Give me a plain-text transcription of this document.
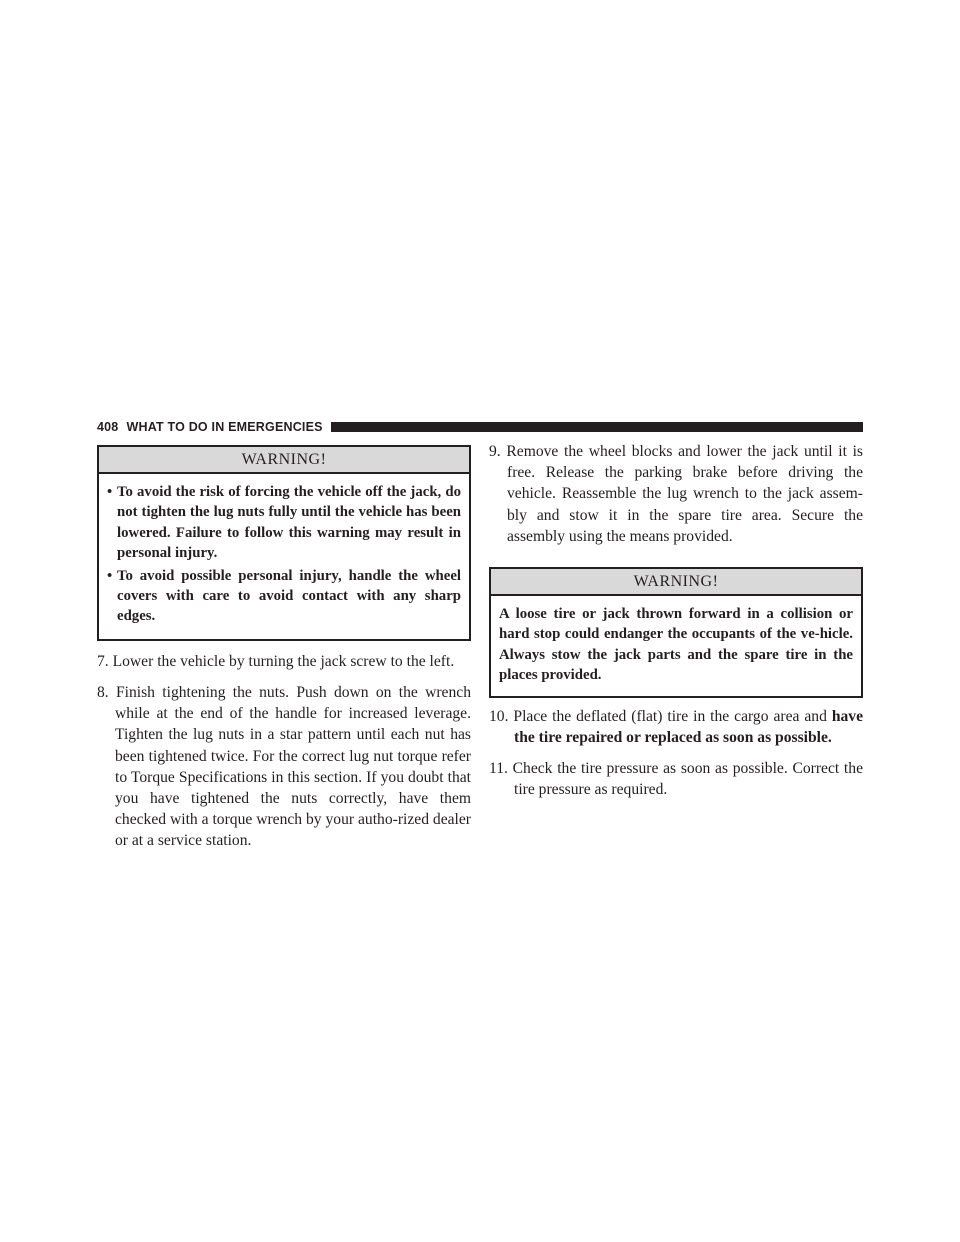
408 WHAT TO DO IN EMERGENCIES
WARNING!
• To avoid the risk of forcing the vehicle off the jack, do not tighten the lug nuts fully until the vehicle has been lowered. Failure to follow this warning may result in personal injury.
• To avoid possible personal injury, handle the wheel covers with care to avoid contact with any sharp edges.
7. Lower the vehicle by turning the jack screw to the left.
8. Finish tightening the nuts. Push down on the wrench while at the end of the handle for increased leverage. Tighten the lug nuts in a star pattern until each nut has been tightened twice. For the correct lug nut torque refer to Torque Specifications in this section. If you doubt that you have tightened the nuts correctly, have them checked with a torque wrench by your autho-rized dealer or at a service station.
9. Remove the wheel blocks and lower the jack until it is free. Release the parking brake before driving the vehicle. Reassemble the lug wrench to the jack assem-bly and stow it in the spare tire area. Secure the assembly using the means provided.
WARNING!
A loose tire or jack thrown forward in a collision or hard stop could endanger the occupants of the ve-hicle. Always stow the jack parts and the spare tire in the places provided.
10. Place the deflated (flat) tire in the cargo area and have the tire repaired or replaced as soon as possible.
11. Check the tire pressure as soon as possible. Correct the tire pressure as required.
